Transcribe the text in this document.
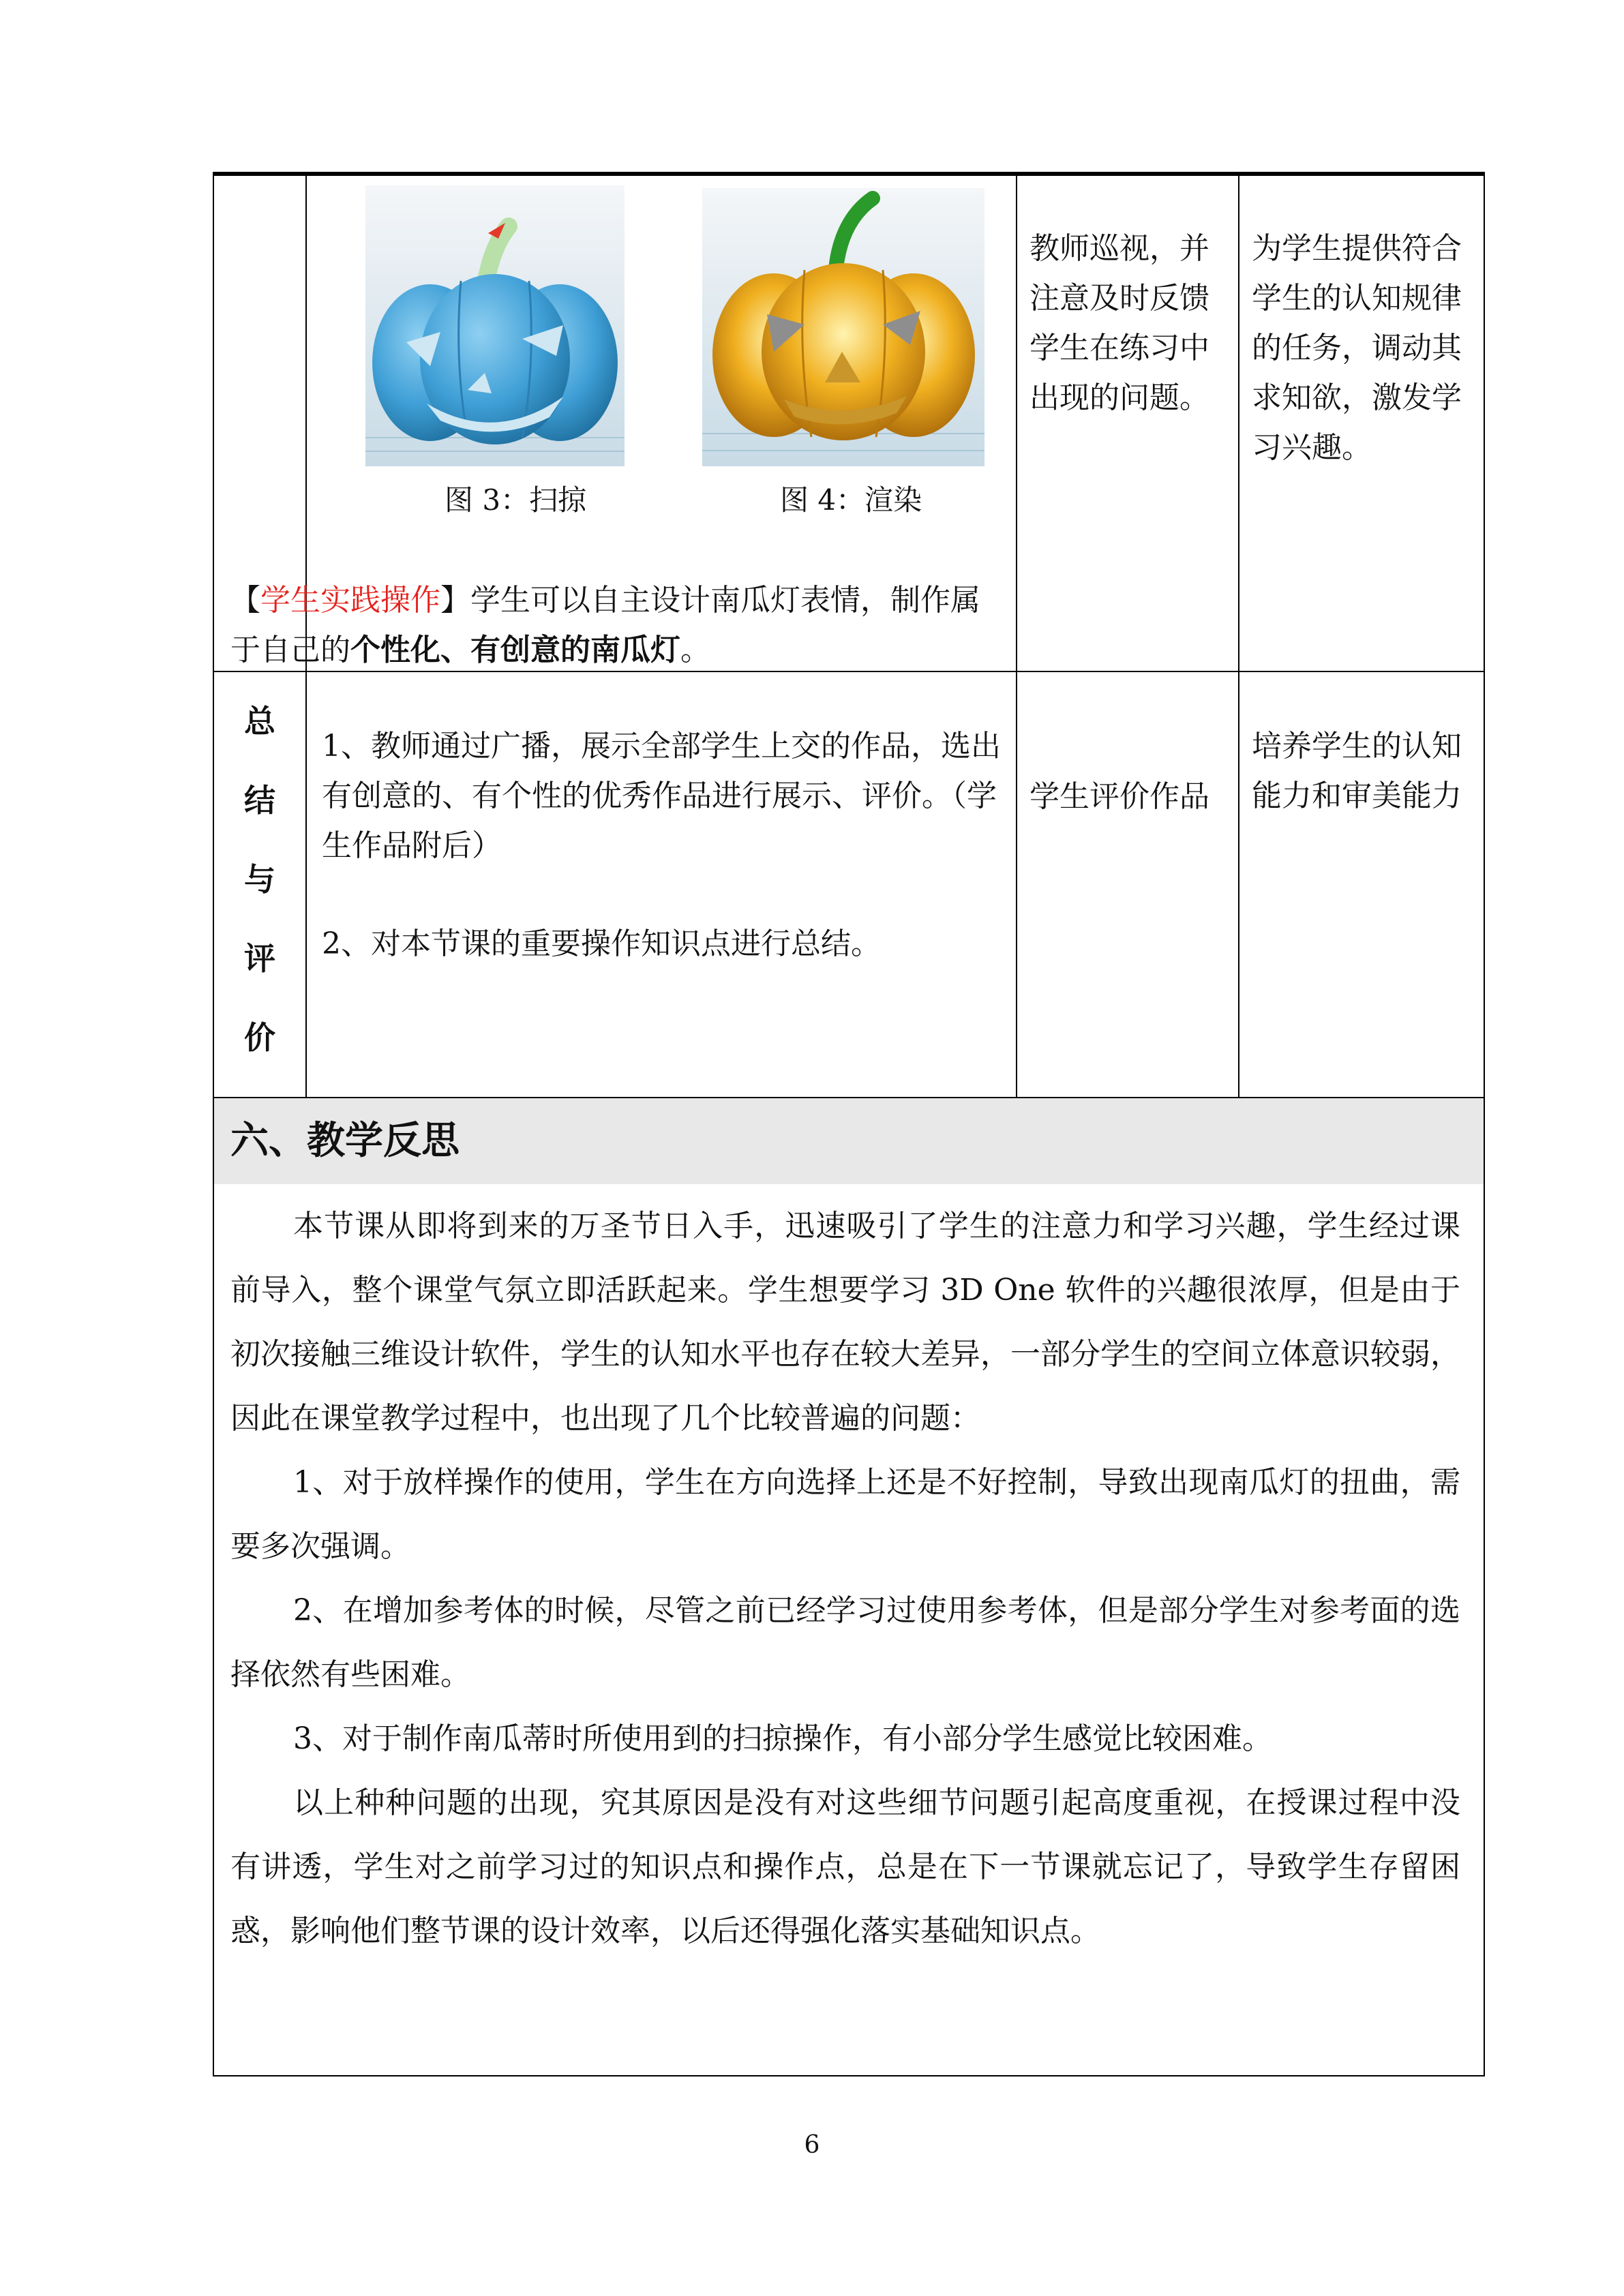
图 3：扫掠	图 4：渲染
【学生实践操作】学生可以自主设计南瓜灯表情，制作属于自己的个性化、有创意的南瓜灯。
教师巡视，并注意及时反馈学生在练习中出现的问题。
为学生提供符合学生的认知规律的任务，调动其求知欲，激发学习兴趣。
总
结
与
评
价
1、教师通过广播，展示全部学生上交的作品，选出有创意的、有个性的优秀作品进行展示、评价。（学生作品附后）
2、对本节课的重要操作知识点进行总结。
学生评价作品
培养学生的认知能力和审美能力
六、教学反思

本节课从即将到来的万圣节日入手，迅速吸引了学生的注意力和学习兴趣，学生经过课前导入，整个课堂气氛立即活跃起来。学生想要学习 3D One 软件的兴趣很浓厚，但是由于初次接触三维设计软件，学生的认知水平也存在较大差异，一部分学生的空间立体意识较弱，因此在课堂教学过程中，也出现了几个比较普遍的问题：

1、对于放样操作的使用，学生在方向选择上还是不好控制，导致出现南瓜灯的扭曲，需要多次强调。

2、在增加参考体的时候，尽管之前已经学习过使用参考体，但是部分学生对参考面的选择依然有些困难。

3、对于制作南瓜蒂时所使用到的扫掠操作，有小部分学生感觉比较困难。

以上种种问题的出现，究其原因是没有对这些细节问题引起高度重视，在授课过程中没有讲透，学生对之前学习过的知识点和操作点，总是在下一节课就忘记了，导致学生存留困惑，影响他们整节课的设计效率，以后还得强化落实基础知识点。

6
